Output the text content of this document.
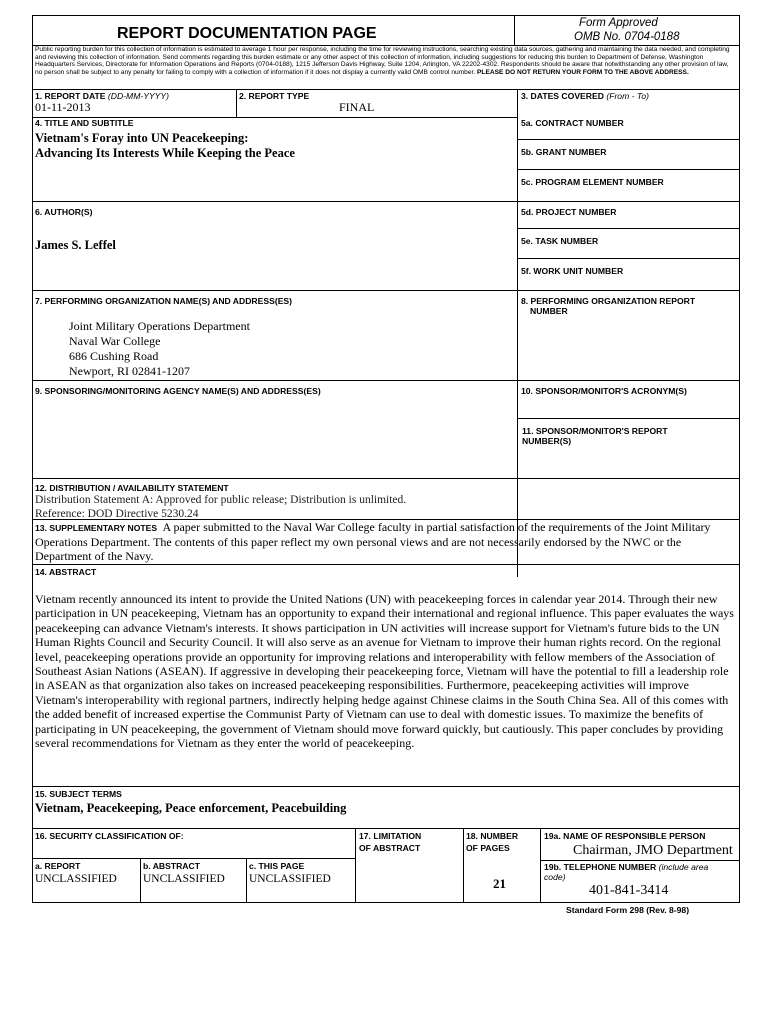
REPORT DOCUMENTATION PAGE
Form Approved
OMB No. 0704-0188
Public reporting burden for this collection of information is estimated to average 1 hour per response, including the time for reviewing instructions, searching existing data sources, gathering and maintaining the data needed, and completing and reviewing this collection of information. Send comments regarding this burden estimate or any other aspect of this collection of information, including suggestions for reducing this burden to Department of Defense, Washington Headquarters Services, Directorate for Information Operations and Reports (0704-0188), 1215 Jefferson Davis Highway, Suite 1204, Arlington, VA 22202-4302. Respondents should be aware that notwithstanding any other provision of law, no person shall be subject to any penalty for failing to comply with a collection of information if it does not display a currently valid OMB control number. PLEASE DO NOT RETURN YOUR FORM TO THE ABOVE ADDRESS.
1. REPORT DATE (DD-MM-YYYY)
01-11-2013
2. REPORT TYPE
FINAL
3. DATES COVERED (From - To)
4. TITLE AND SUBTITLE
Vietnam's Foray into UN Peacekeeping:
Advancing Its Interests While Keeping the Peace
5a. CONTRACT NUMBER
5b. GRANT NUMBER
5c. PROGRAM ELEMENT NUMBER
6. AUTHOR(S)
James S. Leffel
5d. PROJECT NUMBER
5e. TASK NUMBER
5f. WORK UNIT NUMBER
7. PERFORMING ORGANIZATION NAME(S) AND ADDRESS(ES)
Joint Military Operations Department
Naval War College
686 Cushing Road
Newport, RI 02841-1207
8. PERFORMING ORGANIZATION REPORT
NUMBER
9. SPONSORING/MONITORING AGENCY NAME(S) AND ADDRESS(ES)	10. SPONSOR/MONITOR'S ACRONYM(S)
11. SPONSOR/MONITOR'S REPORT
NUMBER(S)
12. DISTRIBUTION / AVAILABILITY STATEMENT
Distribution Statement A: Approved for public release; Distribution is unlimited.
Reference: DOD Directive 5230.24
13. SUPPLEMENTARY NOTES A paper submitted to the Naval War College faculty in partial satisfaction of the requirements of the Joint Military Operations Department. The contents of this paper reflect my own personal views and are not necessarily endorsed by the NWC or the Department of the Navy.
14. ABSTRACT
Vietnam recently announced its intent to provide the United Nations (UN) with peacekeeping forces in calendar year 2014. Through their new participation in UN peacekeeping, Vietnam has an opportunity to expand their international and regional influence. This paper evaluates the ways peacekeeping can advance Vietnam's interests. It shows participation in UN activities will increase support for Vietnam's future bids to the UN Human Rights Council and Security Council. It will also serve as an avenue for Vietnam to improve their human rights record. On the regional level, peacekeeping operations provide an opportunity for improving relations and interoperability with fellow members of the Association of Southeast Asian Nations (ASEAN). If aggressive in developing their peacekeeping force, Vietnam will have the potential to fill a leadership role in ASEAN as that organization also takes on increased peacekeeping responsibilities. Furthermore, peacekeeping activities will improve Vietnam's interoperability with regional partners, indirectly helping hedge against Chinese claims in the South China Sea. All of this comes with the added benefit of increased expertise the Communist Party of Vietnam can use to deal with domestic issues. To maximize the benefits of participating in UN peacekeeping, the government of Vietnam should move forward quickly, but cautiously. This paper concludes by providing several recommendations for Vietnam as they enter the world of peacekeeping.
15. SUBJECT TERMS
Vietnam, Peacekeeping, Peace enforcement, Peacebuilding
16. SECURITY CLASSIFICATION OF:
a. REPORT
UNCLASSIFIED
b. ABSTRACT
UNCLASSIFIED
c. THIS PAGE
UNCLASSIFIED
17. LIMITATION
OF ABSTRACT
18. NUMBER
OF PAGES
21
19a. NAME OF RESPONSIBLE PERSON
Chairman, JMO Department
19b. TELEPHONE NUMBER (include area
code)
401-841-3414
Standard Form 298 (Rev. 8-98)
